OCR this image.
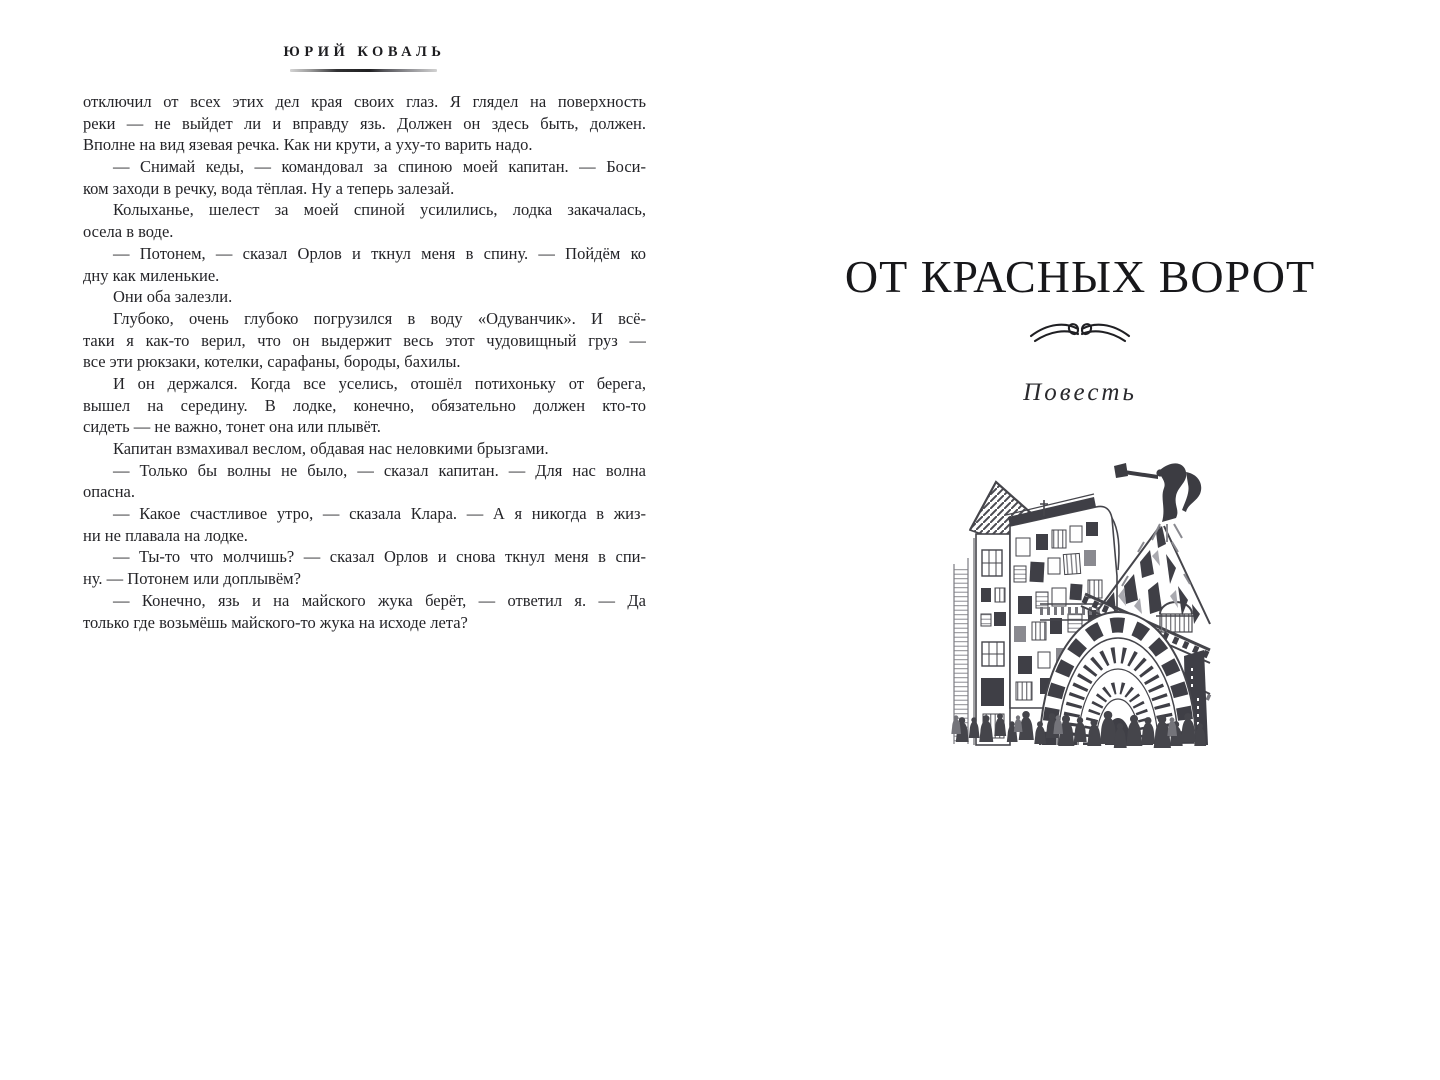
ЮРИЙ КОВАЛЬ
отключил от всех этих дел края своих глаз. Я глядел на поверхность
реки — не выйдет ли и вправду язь. Должен он здесь быть, должен.
Вполне на вид язевая речка. Как ни крути, а уху-то варить надо.
— Снимай кеды, — командовал за спиною моей капитан. — Боси-
ком заходи в речку, вода тёплая. Ну а теперь залезай.
Колыханье, шелест за моей спиной усилились, лодка закачалась,
осела в воде.
— Потонем, — сказал Орлов и ткнул меня в спину. — Пойдём ко
дну как миленькие.
Они оба залезли.
Глубоко, очень глубоко погрузился в воду «Одуванчик». И всё-
таки я как-то верил, что он выдержит весь этот чудовищный груз —
все эти рюкзаки, котелки, сарафаны, бороды, бахилы.
И он держался. Когда все уселись, отошёл потихоньку от берега,
вышел на середину. В лодке, конечно, обязательно должен кто-то
сидеть — не важно, тонет она или плывёт.
Капитан взмахивал веслом, обдавая нас неловкими брызгами.
— Только бы волны не было, — сказал капитан. — Для нас волна
опасна.
— Какое счастливое утро, — сказала Клара. — А я никогда в жиз-
ни не плавала на лодке.
— Ты-то что молчишь? — сказал Орлов и снова ткнул меня в спи-
ну. — Потонем или доплывём?
— Конечно, язь и на майского жука берёт, — ответил я. — Да
только где возьмёшь майского-то жука на исходе лета?
ОТ КРАСНЫХ ВОРОТ
Повесть
